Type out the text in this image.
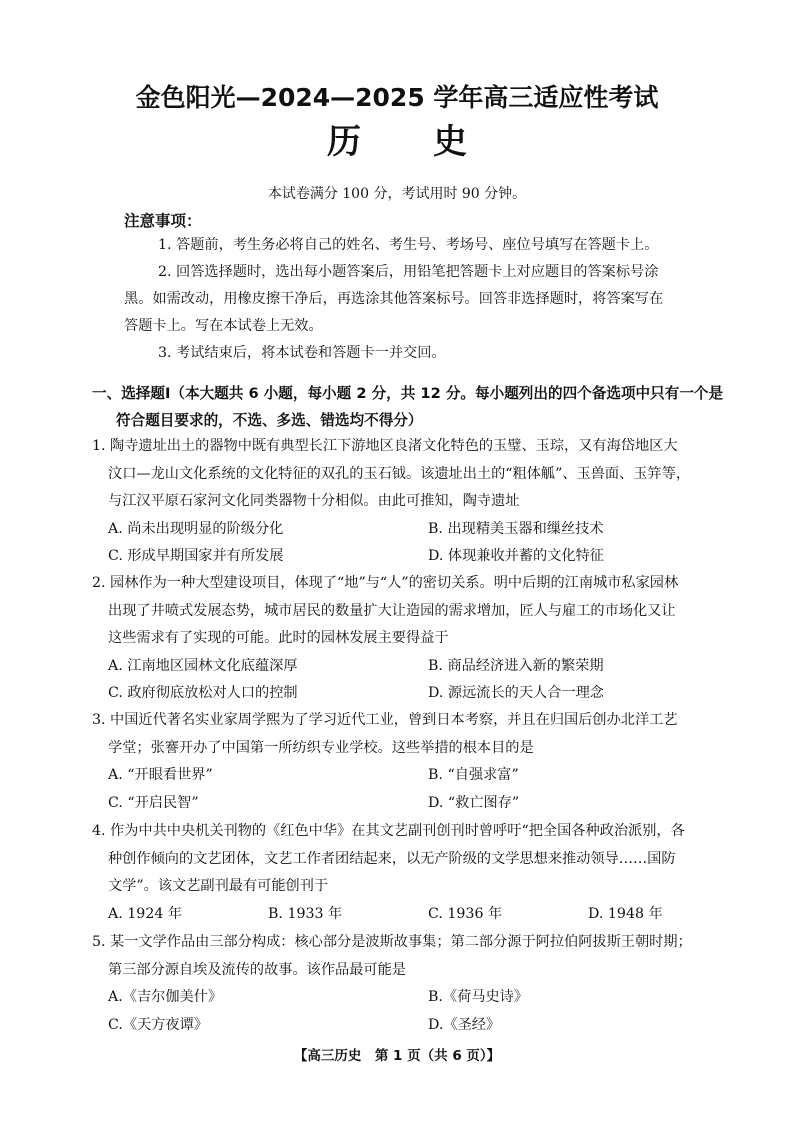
金色阳光—2024—2025 学年高三适应性考试
历 史
本试卷满分 100 分，考试用时 90 分钟。
注意事项：
1. 答题前，考生务必将自己的姓名、考生号、考场号、座位号填写在答题卡上。
2. 回答选择题时，选出每小题答案后，用铅笔把答题卡上对应题目的答案标号涂
黑。如需改动，用橡皮擦干净后，再选涂其他答案标号。回答非选择题时，将答案写在
答题卡上。写在本试卷上无效。
3. 考试结束后，将本试卷和答题卡一并交回。
一、选择题Ⅰ（本大题共 6 小题，每小题 2 分，共 12 分。每小题列出的四个备选项中只有一个是
符合题目要求的，不选、多选、错选均不得分）
1. 陶寺遗址出土的器物中既有典型长江下游地区良渚文化特色的玉璧、玉琮，又有海岱地区大
汶口—龙山文化系统的文化特征的双孔的玉石钺。该遗址出土的“粗体觚”、玉兽面、玉笄等，
与江汉平原石家河文化同类器物十分相似。由此可推知，陶寺遗址
A. 尚未出现明显的阶级分化	B. 出现精美玉器和缫丝技术
C. 形成早期国家并有所发展	D. 体现兼收并蓄的文化特征
2. 园林作为一种大型建设项目，体现了“地”与“人”的密切关系。明中后期的江南城市私家园林
出现了井喷式发展态势，城市居民的数量扩大让造园的需求增加，匠人与雇工的市场化又让
这些需求有了实现的可能。此时的园林发展主要得益于
A. 江南地区园林文化底蕴深厚	B. 商品经济进入新的繁荣期
C. 政府彻底放松对人口的控制	D. 源远流长的天人合一理念
3. 中国近代著名实业家周学熙为了学习近代工业，曾到日本考察，并且在归国后创办北洋工艺
学堂；张謇开办了中国第一所纺织专业学校。这些举措的根本目的是
A. “开眼看世界”	B. “自强求富”
C. “开启民智”	D. “救亡图存”
4. 作为中共中央机关刊物的《红色中华》在其文艺副刊创刊时曾呼吁“把全国各种政治派别，各
种创作倾向的文艺团体，文艺工作者团结起来，以无产阶级的文学思想来推动领导……国防
文学”。该文艺副刊最有可能创刊于
A. 1924 年	B. 1933 年	C. 1936 年	D. 1948 年
5. 某一文学作品由三部分构成：核心部分是波斯故事集；第二部分源于阿拉伯阿拔斯王朝时期；
第三部分源自埃及流传的故事。该作品最可能是
A.《吉尔伽美什》	B.《荷马史诗》
C.《天方夜谭》	D.《圣经》
【高三历史　第 1 页（共 6 页）】
